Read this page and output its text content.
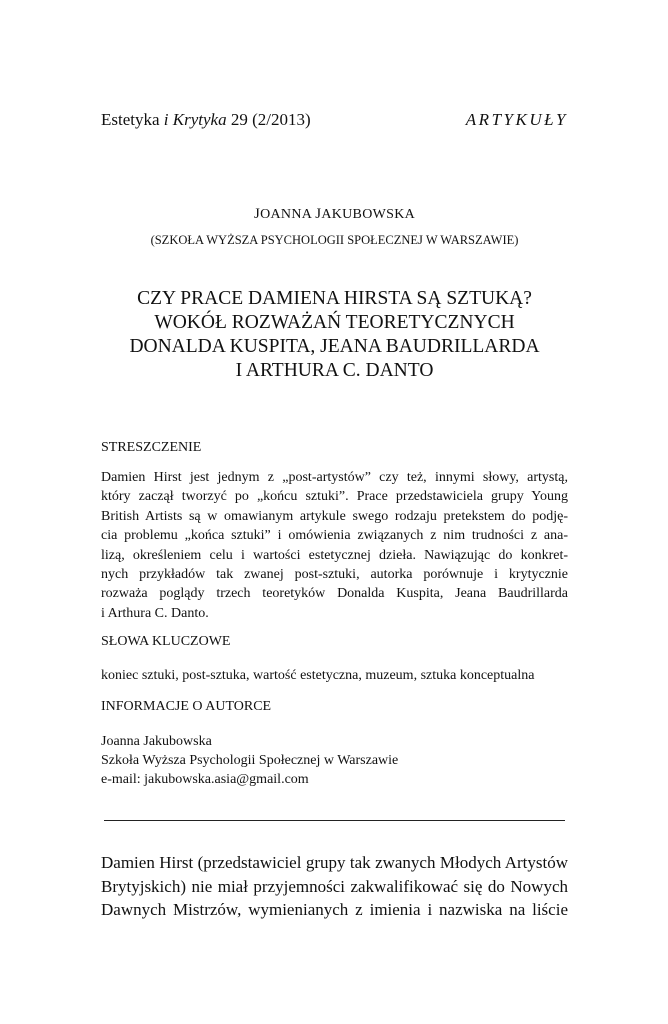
Estetyka i Krytyka 29 (2/2013)	ARTYKUŁY
JOANNA JAKUBOWSKA
(SZKOŁA WYŻSZA PSYCHOLOGII SPOŁECZNEJ W WARSZAWIE)
CZY PRACE DAMIENA HIRSTA SĄ SZTUKĄ?
WOKÓŁ ROZWAŻAŃ TEORETYCZNYCH
DONALDA KUSPITA, JEANA BAUDRILLARDA
I ARTHURA C. DANTO
STRESZCZENIE
Damien Hirst jest jednym z „post-artystów” czy też, innymi słowy, artystą,
który zaczął tworzyć po „końcu sztuki”. Prace przedstawiciela grupy Young
British Artists są w omawianym artykule swego rodzaju pretekstem do podję-
cia problemu „końca sztuki” i omówienia związanych z nim trudności z ana-
lizą, określeniem celu i wartości estetycznej dzieła. Nawiązując do konkret-
nych przykładów tak zwanej post-sztuki, autorka porównuje i krytycznie
rozważa poglądy trzech teoretyków Donalda Kuspita, Jeana Baudrillarda
i Arthura C. Danto.
SŁOWA KLUCZOWE
koniec sztuki, post-sztuka, wartość estetyczna, muzeum, sztuka konceptualna
INFORMACJE O AUTORCE
Joanna Jakubowska
Szkoła Wyższa Psychologii Społecznej w Warszawie
e-mail: jakubowska.asia@gmail.com
Damien Hirst (przedstawiciel grupy tak zwanych Młodych Artystów
Brytyjskich) nie miał przyjemności zakwalifikować się do Nowych
Dawnych Mistrzów, wymienianych z imienia i nazwiska na liście
